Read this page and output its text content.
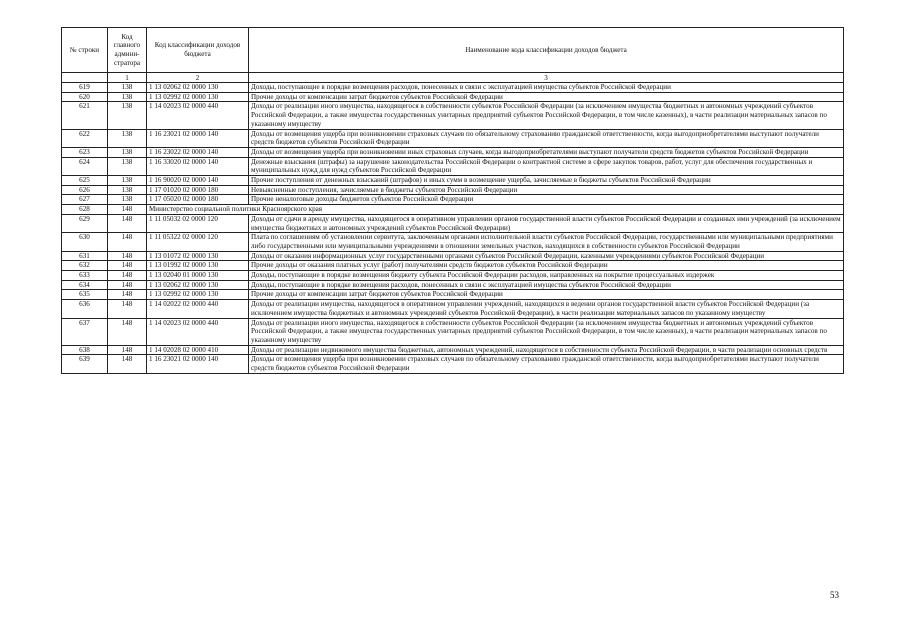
№ строки	Код главного админи-стратора	Код классификации доходов бюджета	Наименование кода классификации доходов бюджета
	1	2	3
619	138	1 13 02062 02 0000 130	Доходы, поступающие в порядке возмещения расходов, понесенных в связи с эксплуатацией имущества субъектов Российской Федерации
620	138	1 13 02992 02 0000 130	Прочие доходы от компенсации затрат бюджетов субъектов Российской Федерации
621	138	1 14 02023 02 0000 440	Доходы от реализации иного имущества, находящегося в собственности субъектов Российской Федерации (за исключением имущества бюджетных и автономных учреждений субъектов Российской Федерации, а также имущества государственных унитарных предприятий субъектов Российской Федерации, в том числе казенных), в части реализации материальных запасов по указанному имуществу
622	138	1 16 23021 02 0000 140	Доходы от возмещения ущерба при возникновении страховых случаев по обязательному страхованию гражданской ответственности, когда выгодоприобретателями выступают получатели средств бюджетов субъектов Российской Федерации
623	138	1 16 23022 02 0000 140	Доходы от возмещения ущерба при возникновении иных страховых случаев, когда выгодоприобретателями выступают получатели средств бюджетов субъектов Российской Федерации
624	138	1 16 33020 02 0000 140	Денежные взыскания (штрафы) за нарушение законодательства Российской Федерации о контрактной системе в сфере закупок товаров, работ, услуг для обеспечения государственных и муниципальных нужд для нужд субъектов Российской Федерации
625	138	1 16 90020 02 0000 140	Прочие поступления от денежных взысканий (штрафов) и иных сумм в возмещение ущерба, зачисляемые в бюджеты субъектов Российской Федерации
626	138	1 17 01020 02 0000 180	Невыясненные поступления, зачисляемые в бюджеты субъектов Российской Федерации
627	138	1 17 05020 02 0000 180	Прочие неналоговые доходы бюджетов субъектов Российской Федерации
628	148	Министерство социальной политики Красноярского края	
629	148	1 11 05032 02 0000 120	Доходы от сдачи в аренду имущества, находящегося в оперативном управлении органов государственной власти субъектов Российской Федерации и созданных ими учреждений (за исключением имущества бюджетных и автономных учреждений субъектов Российской Федерации)
630	148	1 11 05322 02 0000 120	Плата по соглашениям об установлении сервитута, заключенным органами исполнительной власти субъектов Российской Федерации, государственными или муниципальными предприятиями либо государственными или муниципальными учреждениями в отношении земельных участков, находящихся в собственности субъектов Российской Федерации
631	148	1 13 01072 02 0000 130	Доходы от оказания информационных услуг государственными органами субъектов Российской Федерации, казенными учреждениями субъектов Российской Федерации
632	148	1 13 01992 02 0000 130	Прочие доходы от оказания платных услуг (работ) получателями средств бюджетов субъектов Российской Федерации
633	148	1 13 02040 01 0000 130	Доходы, поступающие в порядке возмещения бюджету субъекта Российской Федерации расходов, направленных на покрытие процессуальных издержек
634	148	1 13 02062 02 0000 130	Доходы, поступающие в порядке возмещения расходов, понесенных в связи с эксплуатацией имущества субъектов Российской Федерации
635	148	1 13 02992 02 0000 130	Прочие доходы от компенсации затрат бюджетов субъектов Российской Федерации
636	148	1 14 02022 02 0000 440	Доходы от реализации имущества, находящегося в оперативном управлении учреждений, находящихся в ведении органов государственной власти субъектов Российской Федерации (за исключением имущества бюджетных и автономных учреждений субъектов Российской Федерации), в части реализации материальных запасов по указанному имуществу
637	148	1 14 02023 02 0000 440	Доходы от реализации иного имущества, находящегося в собственности субъектов Российской Федерации (за исключением имущества бюджетных и автономных учреждений субъектов Российской Федерации, а также имущества государственных унитарных предприятий субъектов Российской Федерации, в том числе казенных), в части реализации материальных запасов по указанному имуществу
638	148	1 14 02028 02 0000 410	Доходы от реализации недвижимого имущества бюджетных, автономных учреждений, находящегося в собственности субъекта Российской Федерации, в части реализации основных средств
639	148	1 16 23021 02 0000 140	Доходы от возмещения ущерба при возникновении страховых случаев по обязательному страхованию гражданской ответственности, когда выгодоприобретателями выступают получатели средств бюджетов субъектов Российской Федерации
53
